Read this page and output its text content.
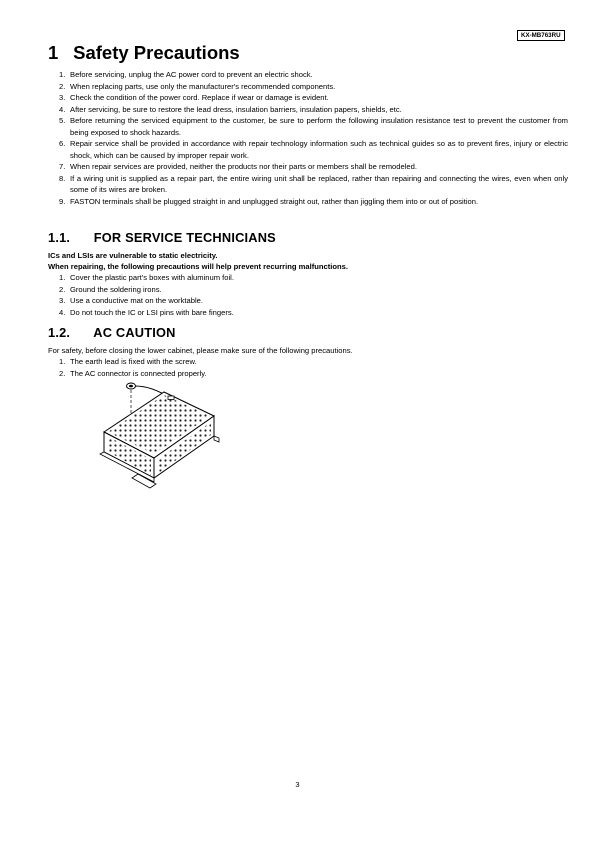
KX-MB763RU
1 Safety Precautions
1. Before servicing, unplug the AC power cord to prevent an electric shock.
2. When replacing parts, use only the manufacturer's recommended components.
3. Check the condition of the power cord. Replace if wear or damage is evident.
4. After servicing, be sure to restore the lead dress, insulation barriers, insulation papers, shields, etc.
5. Before returning the serviced equipment to the customer, be sure to perform the following insulation resistance test to prevent the customer from being exposed to shock hazards.
6. Repair service shall be provided in accordance with repair technology information such as technical guides so as to prevent fires, injury or electric shock, which can be caused by improper repair work.
7. When repair services are provided, neither the products nor their parts or members shall be remodeled.
8. If a wiring unit is supplied as a repair part, the entire wiring unit shall be replaced, rather than repairing and connecting the wires, even when only some of its wires are broken.
9. FASTON terminals shall be plugged straight in and unplugged straight out, rather than jiggling them into or out of position.
1.1. FOR SERVICE TECHNICIANS

ICs and LSIs are vulnerable to static electricity.

When repairing, the following precautions will help prevent recurring malfunctions.

1. Cover the plastic part's boxes with aluminum foil.
2. Ground the soldering irons.
3. Use a conductive mat on the worktable.
4. Do not touch the IC or LSI pins with bare fingers.
1.2. AC CAUTION

For safety, before closing the lower cabinet, please make sure of the following precautions.

1. The earth lead is fixed with the screw.
2. The AC connector is connected properly.
3
